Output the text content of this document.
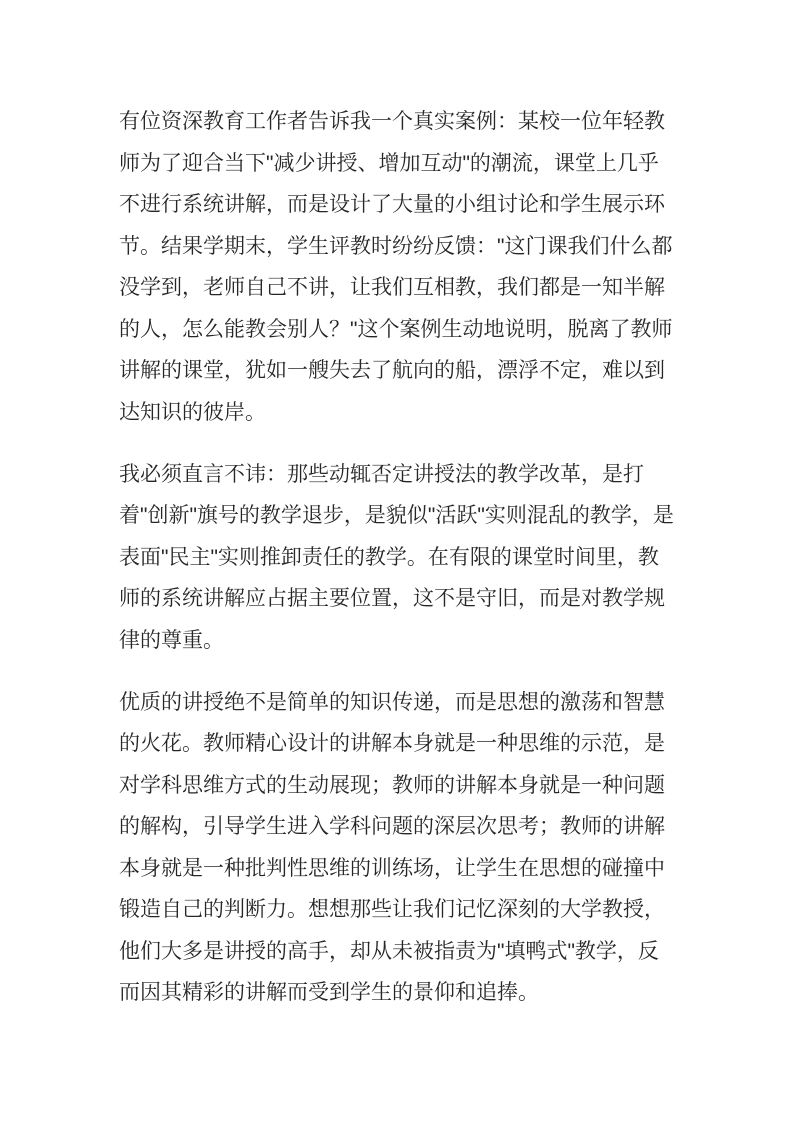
有位资深教育工作者告诉我一个真实案例：某校一位年轻教师为了迎合当下"减少讲授、增加互动"的潮流，课堂上几乎不进行系统讲解，而是设计了大量的小组讨论和学生展示环节。结果学期末，学生评教时纷纷反馈："这门课我们什么都没学到，老师自己不讲，让我们互相教，我们都是一知半解的人，怎么能教会别人？"这个案例生动地说明，脱离了教师讲解的课堂，犹如一艘失去了航向的船，漂浮不定，难以到达知识的彼岸。

我必须直言不讳：那些动辄否定讲授法的教学改革，是打着"创新"旗号的教学退步，是貌似"活跃"实则混乱的教学，是表面"民主"实则推卸责任的教学。在有限的课堂时间里，教师的系统讲解应占据主要位置，这不是守旧，而是对教学规律的尊重。

优质的讲授绝不是简单的知识传递，而是思想的激荡和智慧的火花。教师精心设计的讲解本身就是一种思维的示范，是对学科思维方式的生动展现；教师的讲解本身就是一种问题的解构，引导学生进入学科问题的深层次思考；教师的讲解本身就是一种批判性思维的训练场，让学生在思想的碰撞中锻造自己的判断力。想想那些让我们记忆深刻的大学教授，他们大多是讲授的高手，却从未被指责为"填鸭式"教学，反而因其精彩的讲解而受到学生的景仰和追捧。
